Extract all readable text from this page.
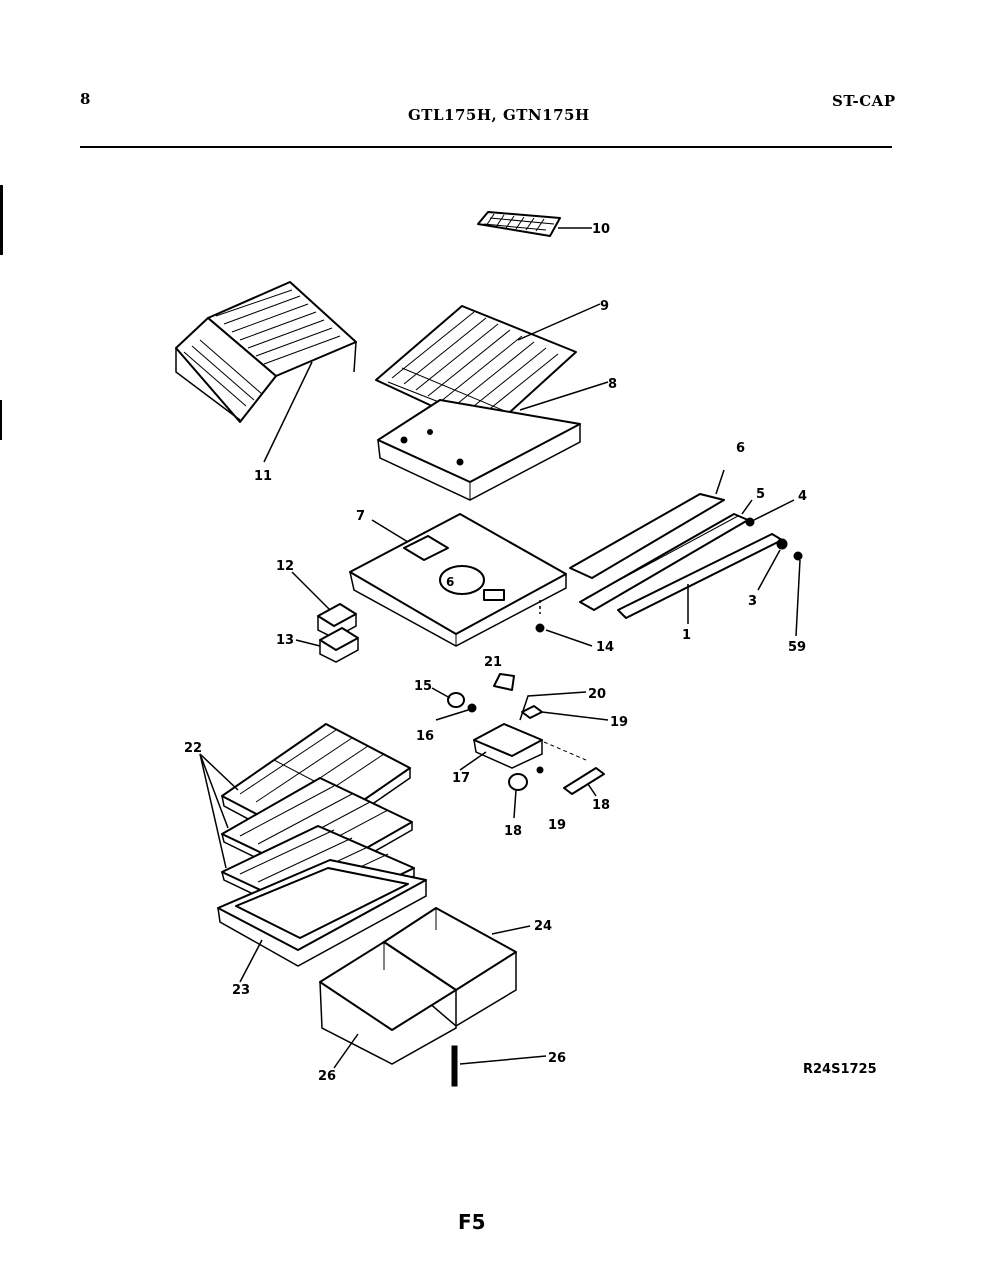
8
GTL175H, GTN175H
ST-CAP
6
10
9
8
11
6
5	4
7
12
3
13	14
1
59
21
15
20
19
16
22
17
18
19
18
24
23
26
26	R24S1725
F5
